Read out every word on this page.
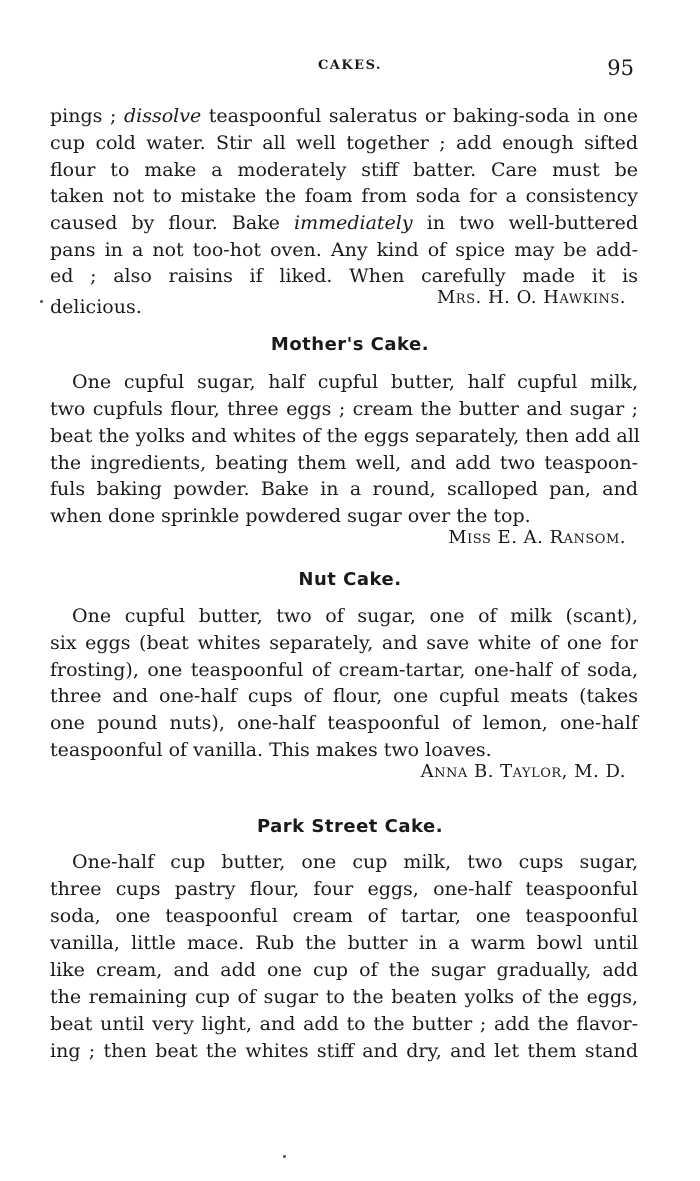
CAKES.	95
pings ; dissolve teaspoonful saleratus or baking-soda in one
cup cold water. Stir all well together ; add enough sifted
flour to make a moderately stiff batter. Care must be
taken not to mistake the foam from soda for a consistency
caused by flour. Bake immediately in two well-buttered
pans in a not too-hot oven. Any kind of spice may be add-
ed ; also raisins if liked. When carefully made it is
delicious.	Mrs. H. O. Hawkins.
Mother's Cake.
One cupful sugar, half cupful butter, half cupful milk,
two cupfuls flour, three eggs ; cream the butter and sugar ;
beat the yolks and whites of the eggs separately, then add all
the ingredients, beating them well, and add two teaspoon-
fuls baking powder. Bake in a round, scalloped pan, and
when done sprinkle powdered sugar over the top.
Miss E. A. Ransom.
Nut Cake.
One cupful butter, two of sugar, one of milk (scant),
six eggs (beat whites separately, and save white of one for
frosting), one teaspoonful of cream-tartar, one-half of soda,
three and one-half cups of flour, one cupful meats (takes
one pound nuts), one-half teaspoonful of lemon, one-half
teaspoonful of vanilla. This makes two loaves.
Anna B. Taylor, M. D.
Park Street Cake.
One-half cup butter, one cup milk, two cups sugar,
three cups pastry flour, four eggs, one-half teaspoonful
soda, one teaspoonful cream of tartar, one teaspoonful
vanilla, little mace. Rub the butter in a warm bowl until
like cream, and add one cup of the sugar gradually, add
the remaining cup of sugar to the beaten yolks of the eggs,
beat until very light, and add to the butter ; add the flavor-
ing ; then beat the whites stiff and dry, and let them stand
